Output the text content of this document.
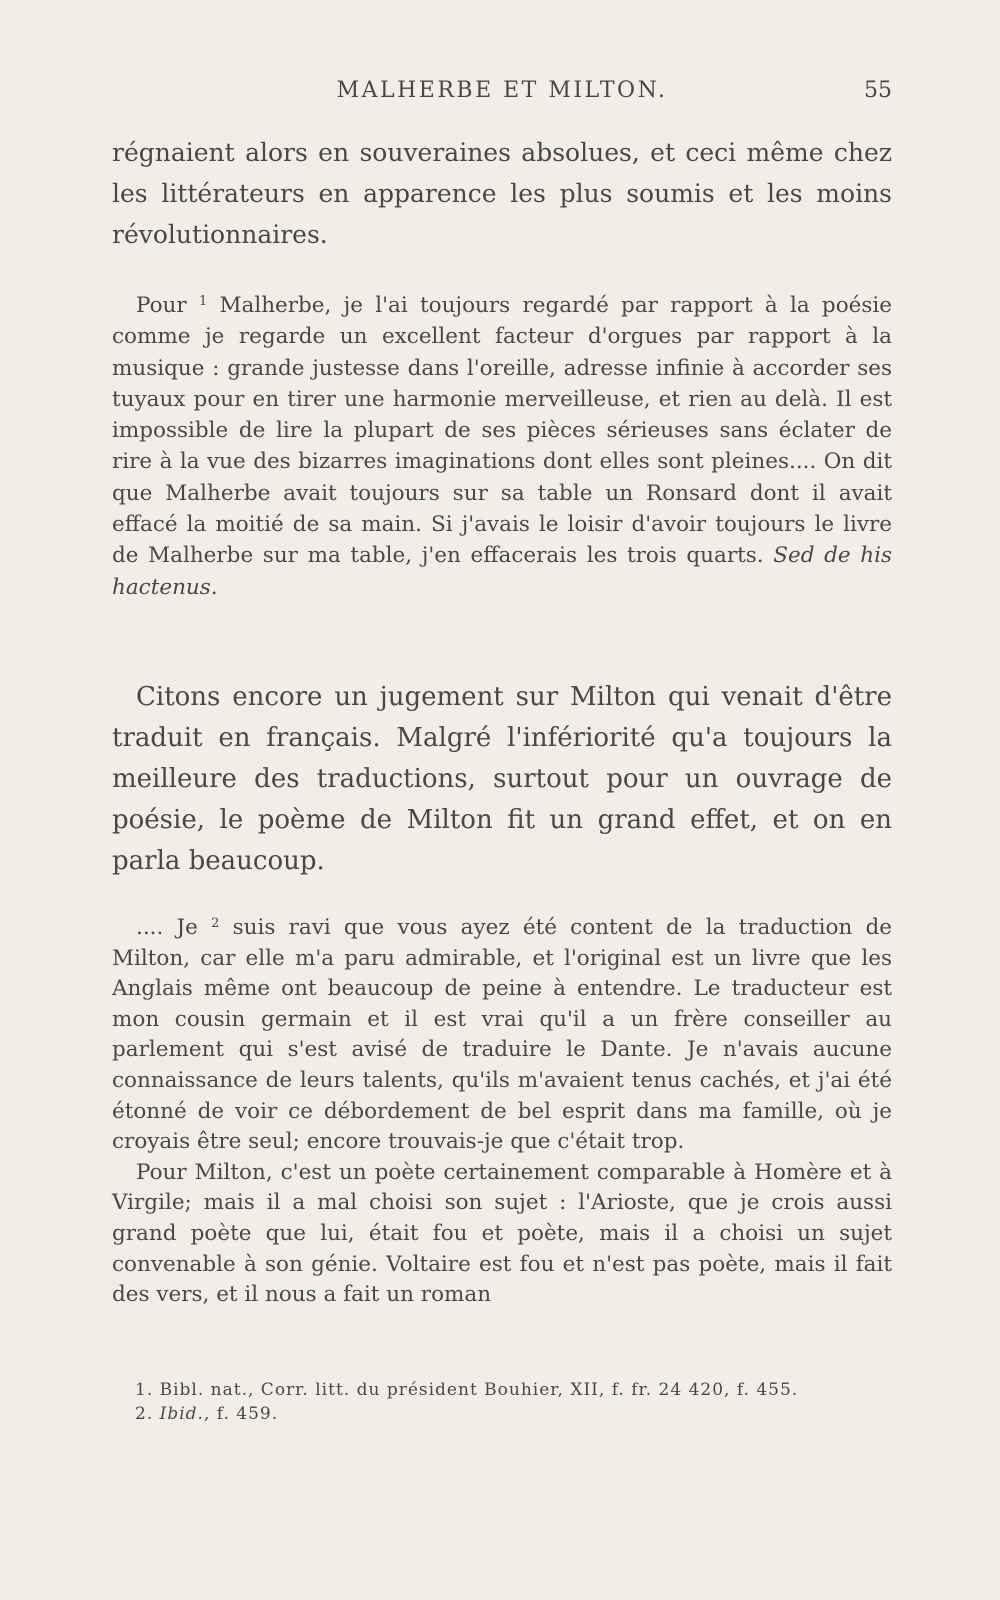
MALHERBE ET MILTON.	55

régnaient alors en souveraines absolues, et ceci même chez les littérateurs en apparence les plus soumis et les moins révolutionnaires.

Pour $^1$ Malherbe, je l'ai toujours regardé par rapport à la poésie comme je regarde un excellent facteur d'orgues par rapport à la musique : grande justesse dans l'oreille, adresse infinie à accorder ses tuyaux pour en tirer une harmonie merveilleuse, et rien au delà. Il est impossible de lire la plupart de ses pièces sérieuses sans éclater de rire à la vue des bizarres imaginations dont elles sont pleines.... On dit que Malherbe avait toujours sur sa table un Ronsard dont il avait effacé la moitié de sa main. Si j'avais le loisir d'avoir toujours le livre de Malherbe sur ma table, j'en effacerais les trois quarts. Sed de his hactenus.

Citons encore un jugement sur Milton qui venait d'être traduit en français. Malgré l'infériorité qu'a toujours la meilleure des traductions, surtout pour un ouvrage de poésie, le poème de Milton fit un grand effet, et on en parla beaucoup.

.... Je $^2$ suis ravi que vous ayez été content de la traduction de Milton, car elle m'a paru admirable, et l'original est un livre que les Anglais même ont beaucoup de peine à entendre. Le traducteur est mon cousin germain et il est vrai qu'il a un frère conseiller au parlement qui s'est avisé de traduire le Dante. Je n'avais aucune connaissance de leurs talents, qu'ils m'avaient tenus cachés, et j'ai été étonné de voir ce débordement de bel esprit dans ma famille, où je croyais être seul; encore trouvais-je que c'était trop.

Pour Milton, c'est un poète certainement comparable à Homère et à Virgile; mais il a mal choisi son sujet : l'Arioste, que je crois aussi grand poète que lui, était fou et poète, mais il a choisi un sujet convenable à son génie. Voltaire est fou et n'est pas poète, mais il fait des vers, et il nous a fait un roman

1. Bibl. nat., Corr. litt. du président Bouhier, XII, f. fr. 24 420, f. 455.

2. Ibid., f. 459.
